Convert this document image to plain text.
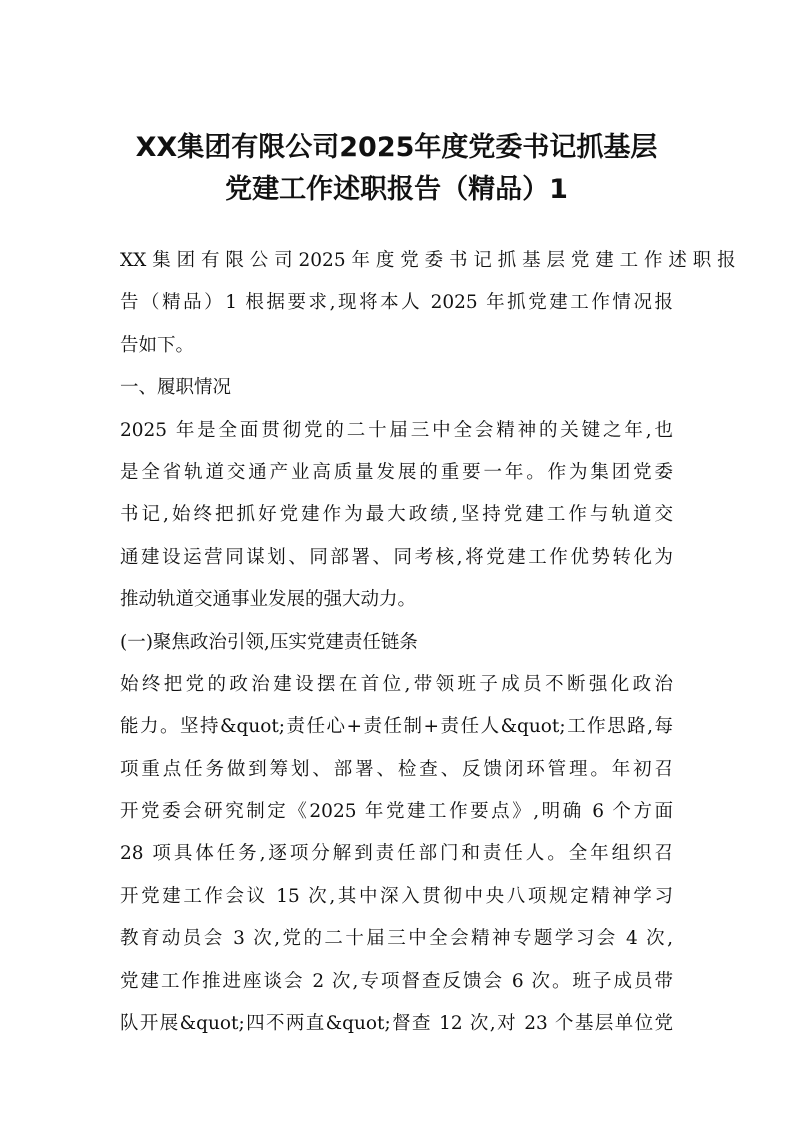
XX集团有限公司2025年度党委书记抓基层
党建工作述职报告（精品）1
XX 集 团 有 限 公 司 2025 年 度 党 委 书 记 抓 基 层 党 建 工 作 述 职 报
告（精品）1 根据要求,现将本人 2025 年抓党建工作情况报
告如下。
一、履职情况
2025 年是全面贯彻党的二十届三中全会精神的关键之年,也
是全省轨道交通产业高质量发展的重要一年。作为集团党委
书记,始终把抓好党建作为最大政绩,坚持党建工作与轨道交
通建设运营同谋划、同部署、同考核,将党建工作优势转化为
推动轨道交通事业发展的强大动力。
(一)聚焦政治引领,压实党建责任链条
始终把党的政治建设摆在首位,带领班子成员不断强化政治
能力。坚持&quot;责任心+责任制+责任人&quot;工作思路,每
项重点任务做到筹划、部署、检查、反馈闭环管理。年初召
开党委会研究制定《2025 年党建工作要点》,明确 6 个方面
28 项具体任务,逐项分解到责任部门和责任人。全年组织召
开党建工作会议 15 次,其中深入贯彻中央八项规定精神学习
教育动员会 3 次,党的二十届三中全会精神专题学习会 4 次,
党建工作推进座谈会 2 次,专项督查反馈会 6 次。班子成员带
队开展&quot;四不两直&quot;督查 12 次,对 23 个基层单位党
